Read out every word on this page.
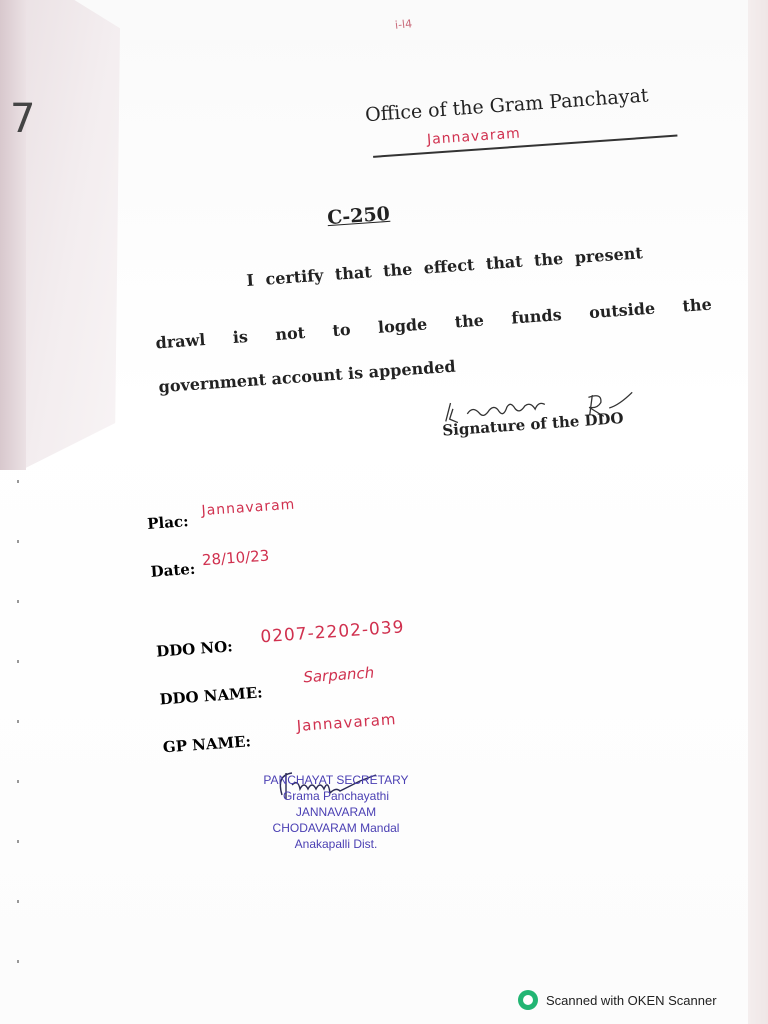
7
i-l4
Office of the Gram Panchayat
Jannavaram
C-250
I certify that the effect that the present
drawl is not to logde the funds outside the
government account is appended
Signature of the DDO
Plac:
Jannavaram
Date:
28/10/23
DDO NO:
0207-2202-039
DDO NAME:
Sarpanch
GP NAME:
Jannavaram
PANCHAYAT SECRETARY
Grama Panchayathi
JANNAVARAM
CHODAVARAM Mandal
Anakapalli Dist.
Scanned with OKEN Scanner
